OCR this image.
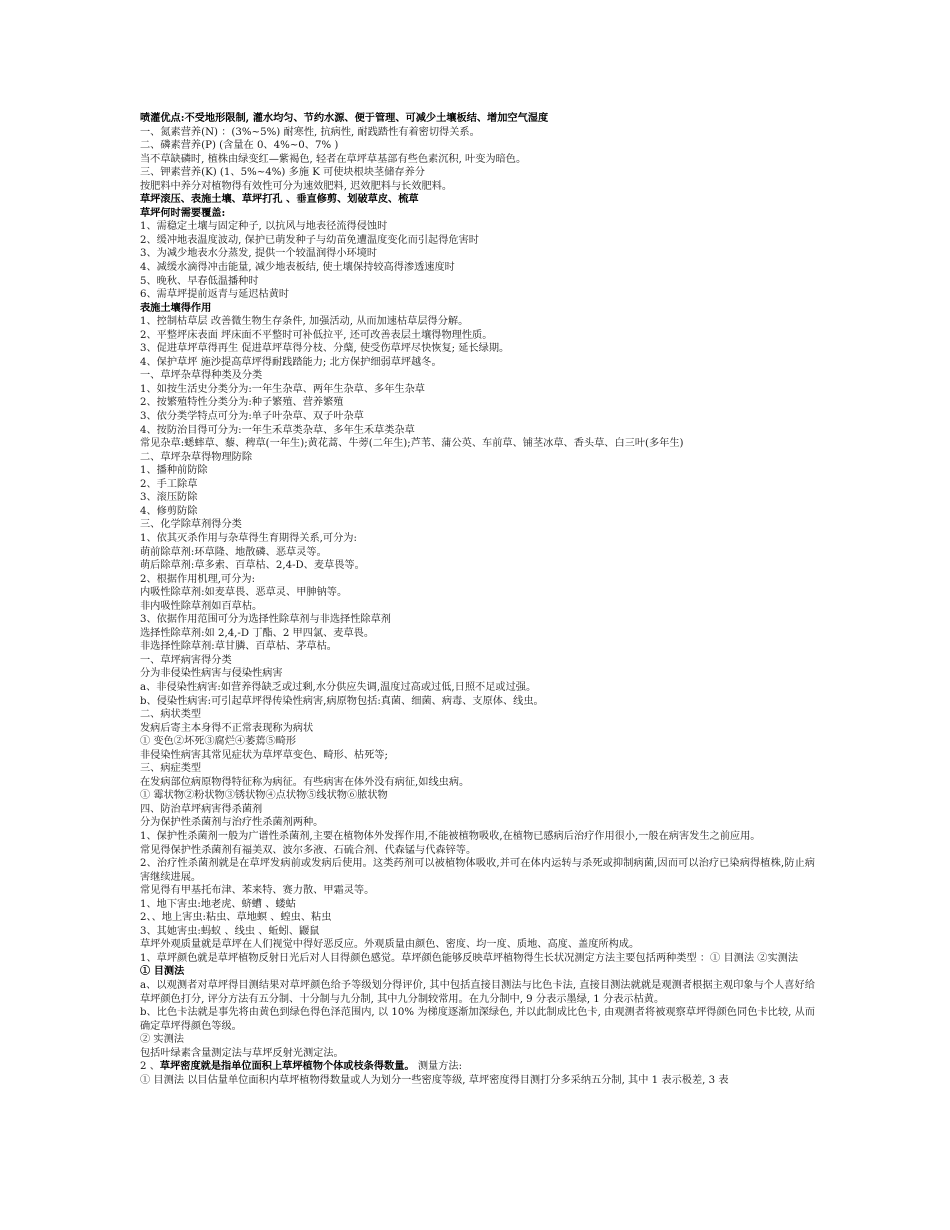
喷灌优点:不受地形限制, 灌水均匀、节约水源、便于管理、可减少土壤板结、增加空气湿度
一、氮素营养(N) ：(3%~5%) 耐寒性, 抗病性, 耐践踏性有着密切得关系。
二、磷素营养(P) (含量在 0、4%~0、7% )
当不草缺磷时, 植株由绿变红—紫褐色, 轻者在草坪草基部有些色素沉积, 叶变为暗色。
三、钾素营养(K) (1、5%~4%) 多施 K 可使块根块茎储存养分
按肥料中养分对植物得有效性可分为速效肥料, 迟效肥料与长效肥料。
草坪滚压、表施土壤、草坪打孔 、垂直修剪、划破草皮、梳草
草坪何时需要覆盖:
1、需稳定土壤与固定种子, 以抗风与地表径流得侵蚀时
2、缓冲地表温度波动, 保护已萌发种子与幼苗免遭温度变化而引起得危害时
3、为减少地表水分蒸发, 提供一个较温润得小环境时
4、减缓水滴得冲击能量, 减少地表板结, 使土壤保持较高得渗透速度时
5、晚秋、早春低温播种时
6、需草坪提前返青与延迟枯黄时
表施土壤得作用
1、控制枯草层 改善微生物生存条件, 加强活动, 从而加速枯草层得分解。
2、平整坪床表面 坪床面不平整时可补低拉平, 还可改善表层土壤得物理性质。
3、促进草坪草得再生 促进草坪草得分枝、分蘖, 使受伤草坪尽快恢复; 延长绿期。
4、保护草坪 施沙提高草坪得耐践踏能力; 北方保护细弱草坪越冬。
一、草坪杂草得种类及分类
1、如按生活史分类分为:一年生杂草、两年生杂草、多年生杂草
2、按繁殖特性分类分为:种子繁殖、营养繁殖
3、依分类学特点可分为:单子叶杂草、双子叶杂草
4、按防治目得可分为:一年生禾草类杂草、多年生禾草类杂草
常见杂草:蟋蟀草、藜、稗草(一年生);黄花蒿、牛蒡(二年生);芦苇、蒲公英、车前草、铺茎冰草、香头草、白三叶(多年生)
二、草坪杂草得物理防除
1、播种前防除
2、手工除草
3、滚压防除
4、修剪防除
三、化学除草剂得分类
1、依其灭杀作用与杂草得生育期得关系,可分为:
萌前除草剂:环草隆、地散磷、恶草灵等。
萌后除草剂:草多索、百草枯、2,4-D、麦草畏等。
2、根据作用机理,可分为:
内吸性除草剂:如麦草畏、恶草灵、甲胂钠等。
非内吸性除草剂如百草枯。
3、依据作用范围可分为选择性除草剂与非选择性除草剂
选择性除草剂:如 2,4,-D 丁酯、2 甲四氯、麦草畏。
非选择性除草剂:草甘膦、百草枯、茅草枯。
一、草坪病害得分类
分为非侵染性病害与侵染性病害
a、非侵染性病害:如营养得缺乏或过剩,水分供应失调,温度过高或过低,日照不足或过强。
b、侵染性病害:可引起草坪得传染性病害,病原物包括:真菌、细菌、病毒、支原体、线虫。
二、病状类型
发病后寄主本身得不正常表现称为病状
① 变色②坏死③腐烂④萎蔫⑤畸形
非侵染性病害其常见症状为草坪草变色、畸形、枯死等;
三、病症类型
在发病部位病原物得特征称为病征。有些病害在体外没有病征,如线虫病。
① 霉状物②粉状物③锈状物④点状物⑤线状物⑥脓状物
四、防治草坪病害得杀菌剂
分为保护性杀菌剂与治疗性杀菌剂两种。
1、保护性杀菌剂一般为广谱性杀菌剂,主要在植物体外发挥作用,不能被植物吸收,在植物已感病后治疗作用很小,一般在病害发生之前应用。
常见得保护性杀菌剂有福美双、波尔多液、石硫合剂、代森锰与代森锌等。
2、治疗性杀菌剂就是在草坪发病前或发病后使用。这类药剂可以被植物体吸收,并可在体内运转与杀死或抑制病菌,因而可以治疗已染病得植株,防止病害继续进展。
常见得有甲基托布津、苯来特、赛力散、甲霜灵等。
1、地下害虫:地老虎、蛴螬 、蝼蛄
2、、地上害虫:粘虫、草地螟 、蝗虫、粘虫
3、其她害虫:蚂蚁 、线虫 、蚯蚓、鼹鼠
草坪外观质量就是草坪在人们视觉中得好恶反应。外观质量由颜色、密度、均一度、质地、高度、盖度所构成。
1、草坪颜色就是草坪植物反射日光后对人目得颜色感觉。草坪颜色能够反映草坪植物得生长状况测定方法主要包括两种类型 ：① 目测法 ②实测法
① 目测法
a、以观测者对草坪得目测结果对草坪颜色给予等级划分得评价, 其中包括直接目测法与比色卡法, 直接目测法就就是观测者根据主观印象与个人喜好给草坪颜色打分, 评分方法有五分制、十分制与九分制, 其中九分制较常用。在九分制中, 9 分表示墨绿, 1 分表示枯黄。
b、比色卡法就是事先将由黄色到绿色得色泽范围内, 以 10% 为梯度逐渐加深绿色, 并以此制成比色卡, 由观测者将被观察草坪得颜色同色卡比较, 从而确定草坪得颜色等级。
② 实测法
包括叶绿素含量测定法与草坪反射光测定法。
2 、草坪密度就是指单位面积上草坪植物个体或枝条得数量。 测量方法:
① 目测法 以目估量单位面积内草坪植物得数量或人为划分一些密度等级, 草坪密度得目测打分多采纳五分制, 其中 1 表示极差, 3 表
